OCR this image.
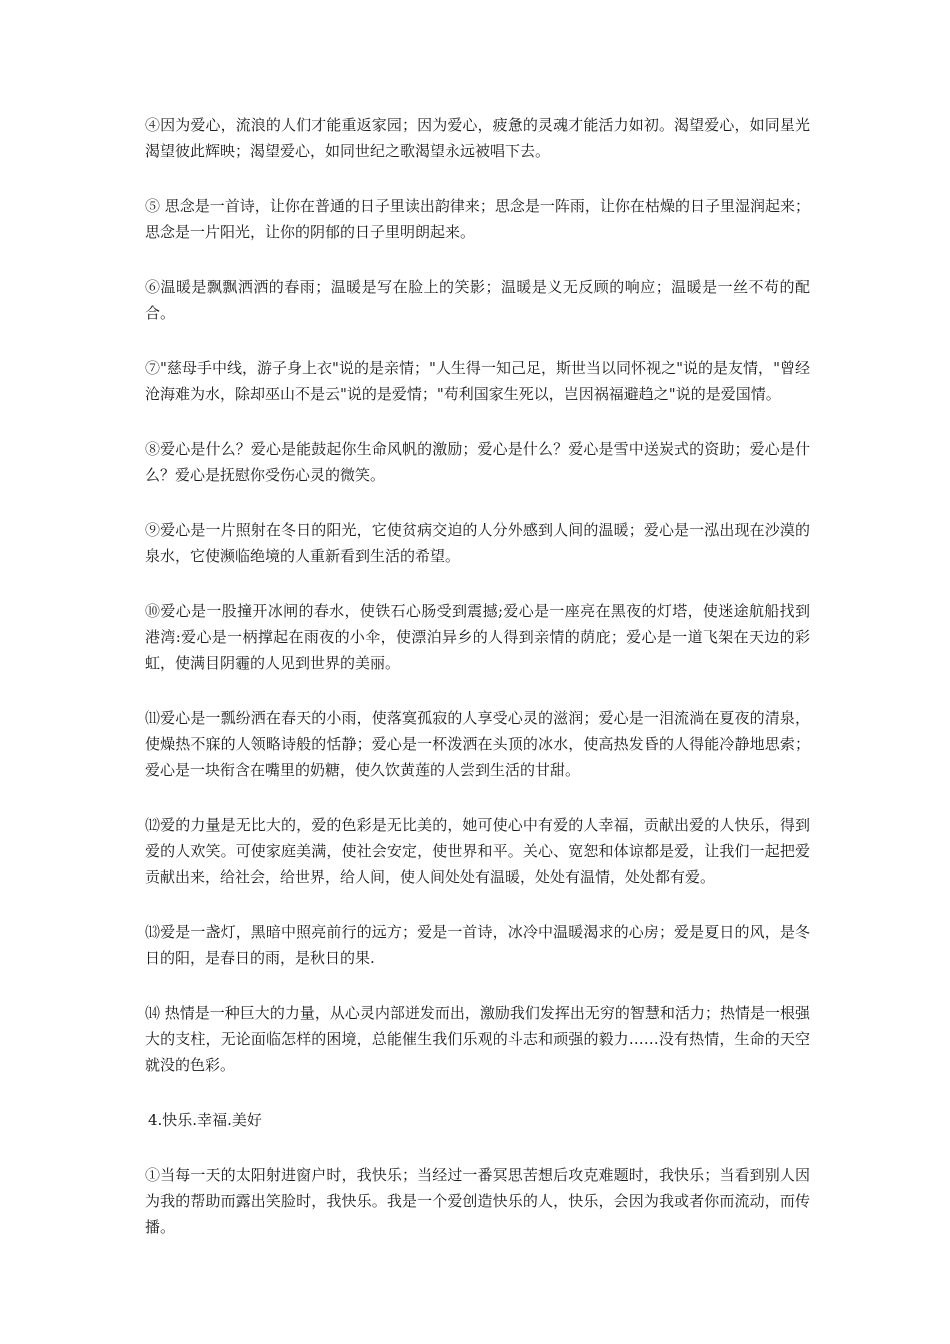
④因为爱心，流浪的人们才能重返家园；因为爱心，疲惫的灵魂才能活力如初。渴望爱心，如同星光渴望彼此辉映；渴望爱心，如同世纪之歌渴望永远被唱下去。

⑤ 思念是一首诗，让你在普通的日子里读出韵律来；思念是一阵雨，让你在枯燥的日子里湿润起来；思念是一片阳光，让你的阴郁的日子里明朗起来。

⑥温暖是飘飘洒洒的春雨；温暖是写在脸上的笑影；温暖是义无反顾的响应；温暖是一丝不苟的配合。

⑦"慈母手中线，游子身上衣"说的是亲情；"人生得一知己足，斯世当以同怀视之"说的是友情，"曾经沧海难为水，除却巫山不是云"说的是爱情；"苟利国家生死以，岂因祸福避趋之"说的是爱国情。

⑧爱心是什么？爱心是能鼓起你生命风帆的激励；爱心是什么？爱心是雪中送炭式的资助；爱心是什么？爱心是抚慰你受伤心灵的微笑。

⑨爱心是一片照射在冬日的阳光，它使贫病交迫的人分外感到人间的温暖；爱心是一泓出现在沙漠的泉水，它使濒临绝境的人重新看到生活的希望。

⑩爱心是一股撞开冰闸的春水，使铁石心肠受到震撼;爱心是一座亮在黑夜的灯塔，使迷途航船找到港湾:爱心是一柄撑起在雨夜的小伞，使漂泊异乡的人得到亲情的荫庇；爱心是一道飞架在天边的彩虹，使满目阴霾的人见到世界的美丽。

⑾爱心是一瓢纷洒在春天的小雨，使落寞孤寂的人享受心灵的滋润；爱心是一泪流淌在夏夜的清泉，使燥热不寐的人领略诗般的恬静；爱心是一杯泼洒在头顶的冰水，使高热发昏的人得能冷静地思索；爱心是一块衔含在嘴里的奶糖，使久饮黄莲的人尝到生活的甘甜。

⑿爱的力量是无比大的，爱的色彩是无比美的，她可使心中有爱的人幸福，贡献出爱的人快乐，得到爱的人欢笑。可使家庭美满，使社会安定，使世界和平。关心、宽恕和体谅都是爱，让我们一起把爱贡献出来，给社会，给世界，给人间，使人间处处有温暖，处处有温情，处处都有爱。

⒀爱是一盏灯，黑暗中照亮前行的远方；爱是一首诗，冰冷中温暖渴求的心房；爱是夏日的风，是冬日的阳，是春日的雨，是秋日的果.

⒁ 热情是一种巨大的力量，从心灵内部迸发而出，激励我们发挥出无穷的智慧和活力；热情是一根强大的支柱，无论面临怎样的困境，总能催生我们乐观的斗志和顽强的毅力……没有热情，生命的天空就没的色彩。

4.快乐.幸福.美好

①当每一天的太阳射进窗户时，我快乐；当经过一番冥思苦想后攻克难题时，我快乐；当看到别人因为我的帮助而露出笑脸时，我快乐。我是一个爱创造快乐的人，快乐，会因为我或者你而流动，而传播。
